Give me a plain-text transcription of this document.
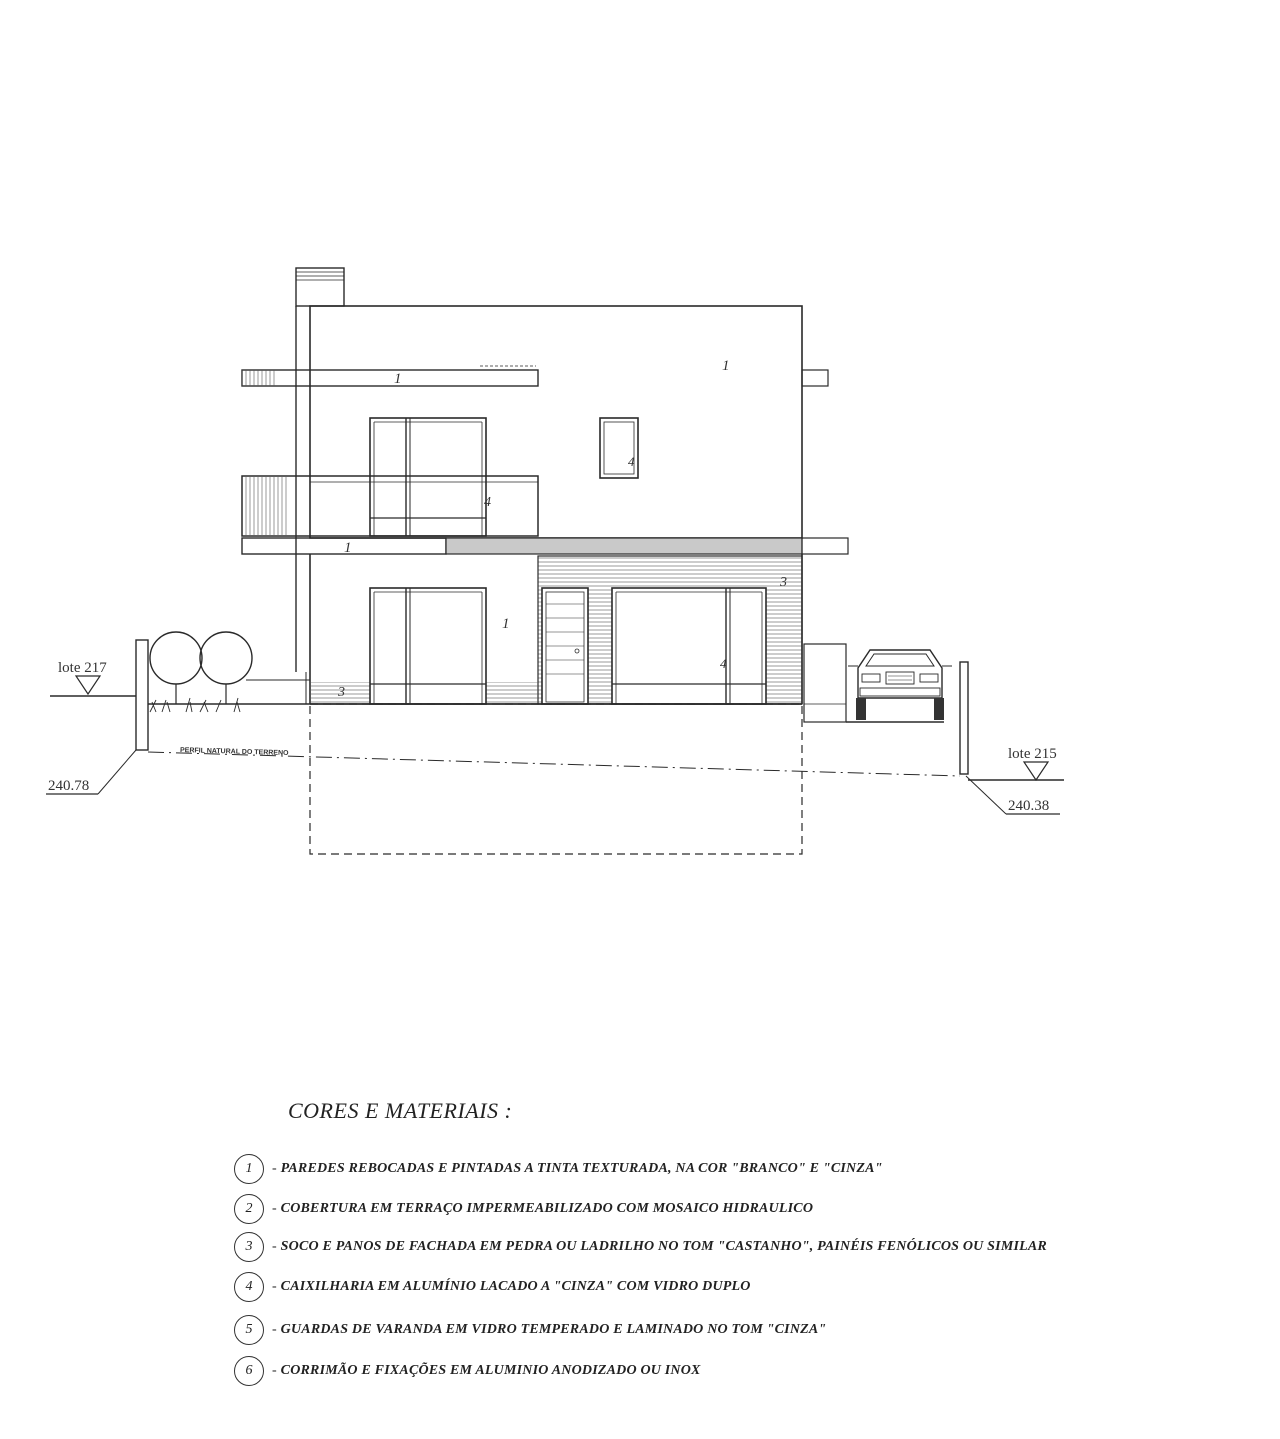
1
1
4
4
1
3
1
3
4
PERFIL NATURAL DO TERRENO
lote 217
240.78
lote 215
240.38
CORES E MATERIAIS :
1	- PAREDES REBOCADAS E PINTADAS A TINTA TEXTURADA, NA COR "BRANCO" E "CINZA"
2	- COBERTURA EM TERRAÇO IMPERMEABILIZADO COM MOSAICO HIDRAULICO
3	- SOCO E PANOS DE FACHADA EM PEDRA OU LADRILHO NO TOM "CASTANHO", PAINÉIS FENÓLICOS OU SIMILAR
4	- CAIXILHARIA EM ALUMÍNIO LACADO A "CINZA" COM VIDRO DUPLO
5	- GUARDAS DE VARANDA EM VIDRO TEMPERADO E LAMINADO NO TOM "CINZA"
6	- CORRIMÃO E FIXAÇÕES EM ALUMINIO ANODIZADO OU INOX
